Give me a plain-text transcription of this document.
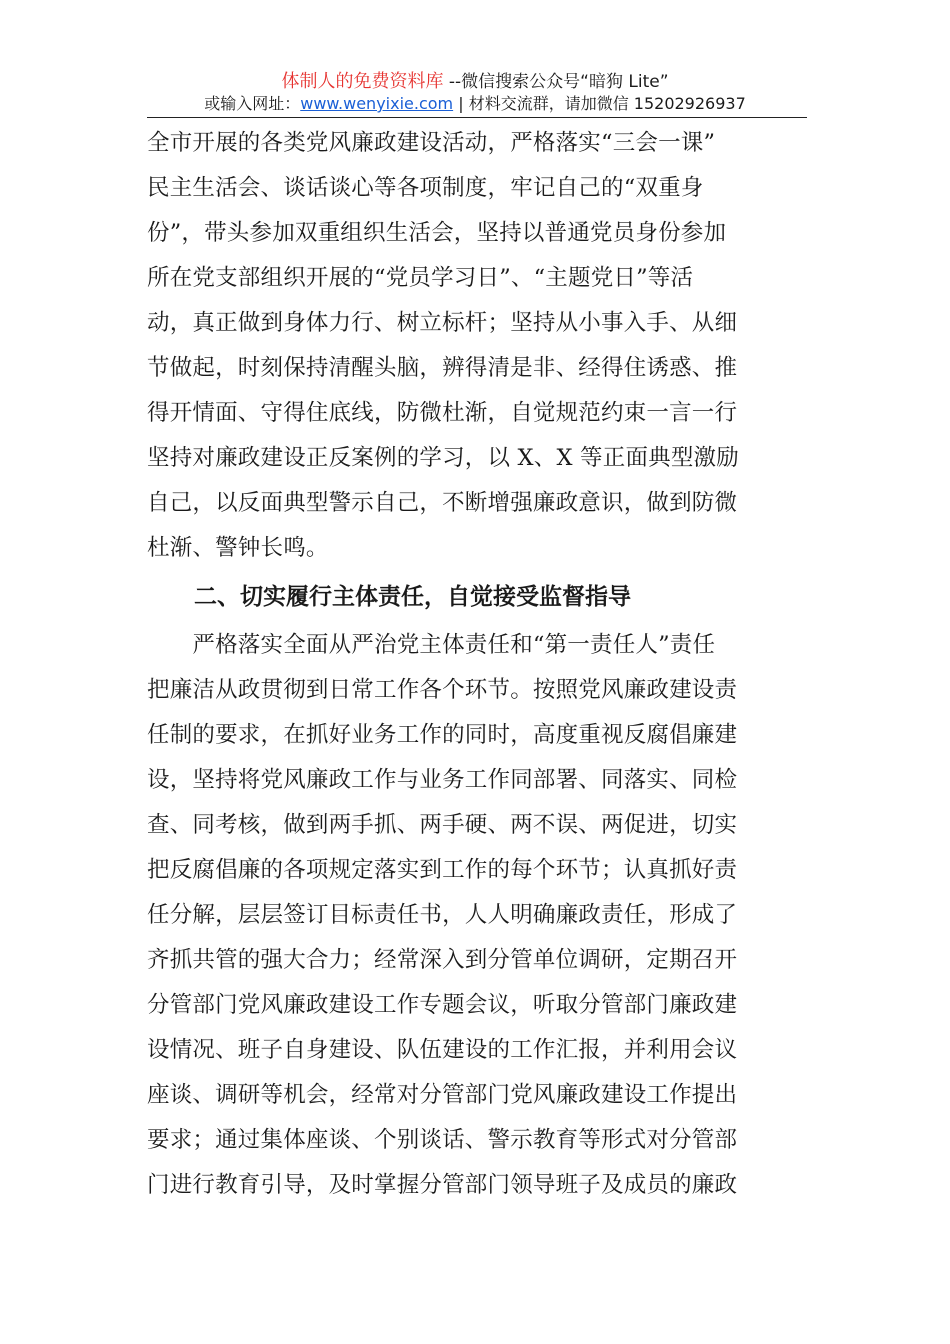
体制人的免费资料库 --微信搜索公众号“暗狗 Lite”
或输入网址：www.wenyixie.com | 材料交流群，请加微信 15202926937
全市开展的各类党风廉政建设活动，严格落实“三会一课”
民主生活会、谈话谈心等各项制度，牢记自己的“双重身
份”，带头参加双重组织生活会，坚持以普通党员身份参加
所在党支部组织开展的“党员学习日”、“主题党日”等活
动，真正做到身体力行、树立标杆；坚持从小事入手、从细
节做起，时刻保持清醒头脑，辨得清是非、经得住诱惑、推
得开情面、守得住底线，防微杜渐，自觉规范约束一言一行
坚持对廉政建设正反案例的学习，以 X、X 等正面典型激励
自己，以反面典型警示自己，不断增强廉政意识，做到防微
杜渐、警钟长鸣。
二、切实履行主体责任，自觉接受监督指导
　　严格落实全面从严治党主体责任和“第一责任人”责任
把廉洁从政贯彻到日常工作各个环节。按照党风廉政建设责
任制的要求，在抓好业务工作的同时，高度重视反腐倡廉建
设，坚持将党风廉政工作与业务工作同部署、同落实、同检
查、同考核，做到两手抓、两手硬、两不误、两促进，切实
把反腐倡廉的各项规定落实到工作的每个环节；认真抓好责
任分解，层层签订目标责任书，人人明确廉政责任，形成了
齐抓共管的强大合力；经常深入到分管单位调研，定期召开
分管部门党风廉政建设工作专题会议，听取分管部门廉政建
设情况、班子自身建设、队伍建设的工作汇报，并利用会议
座谈、调研等机会，经常对分管部门党风廉政建设工作提出
要求；通过集体座谈、个别谈话、警示教育等形式对分管部
门进行教育引导，及时掌握分管部门领导班子及成员的廉政
